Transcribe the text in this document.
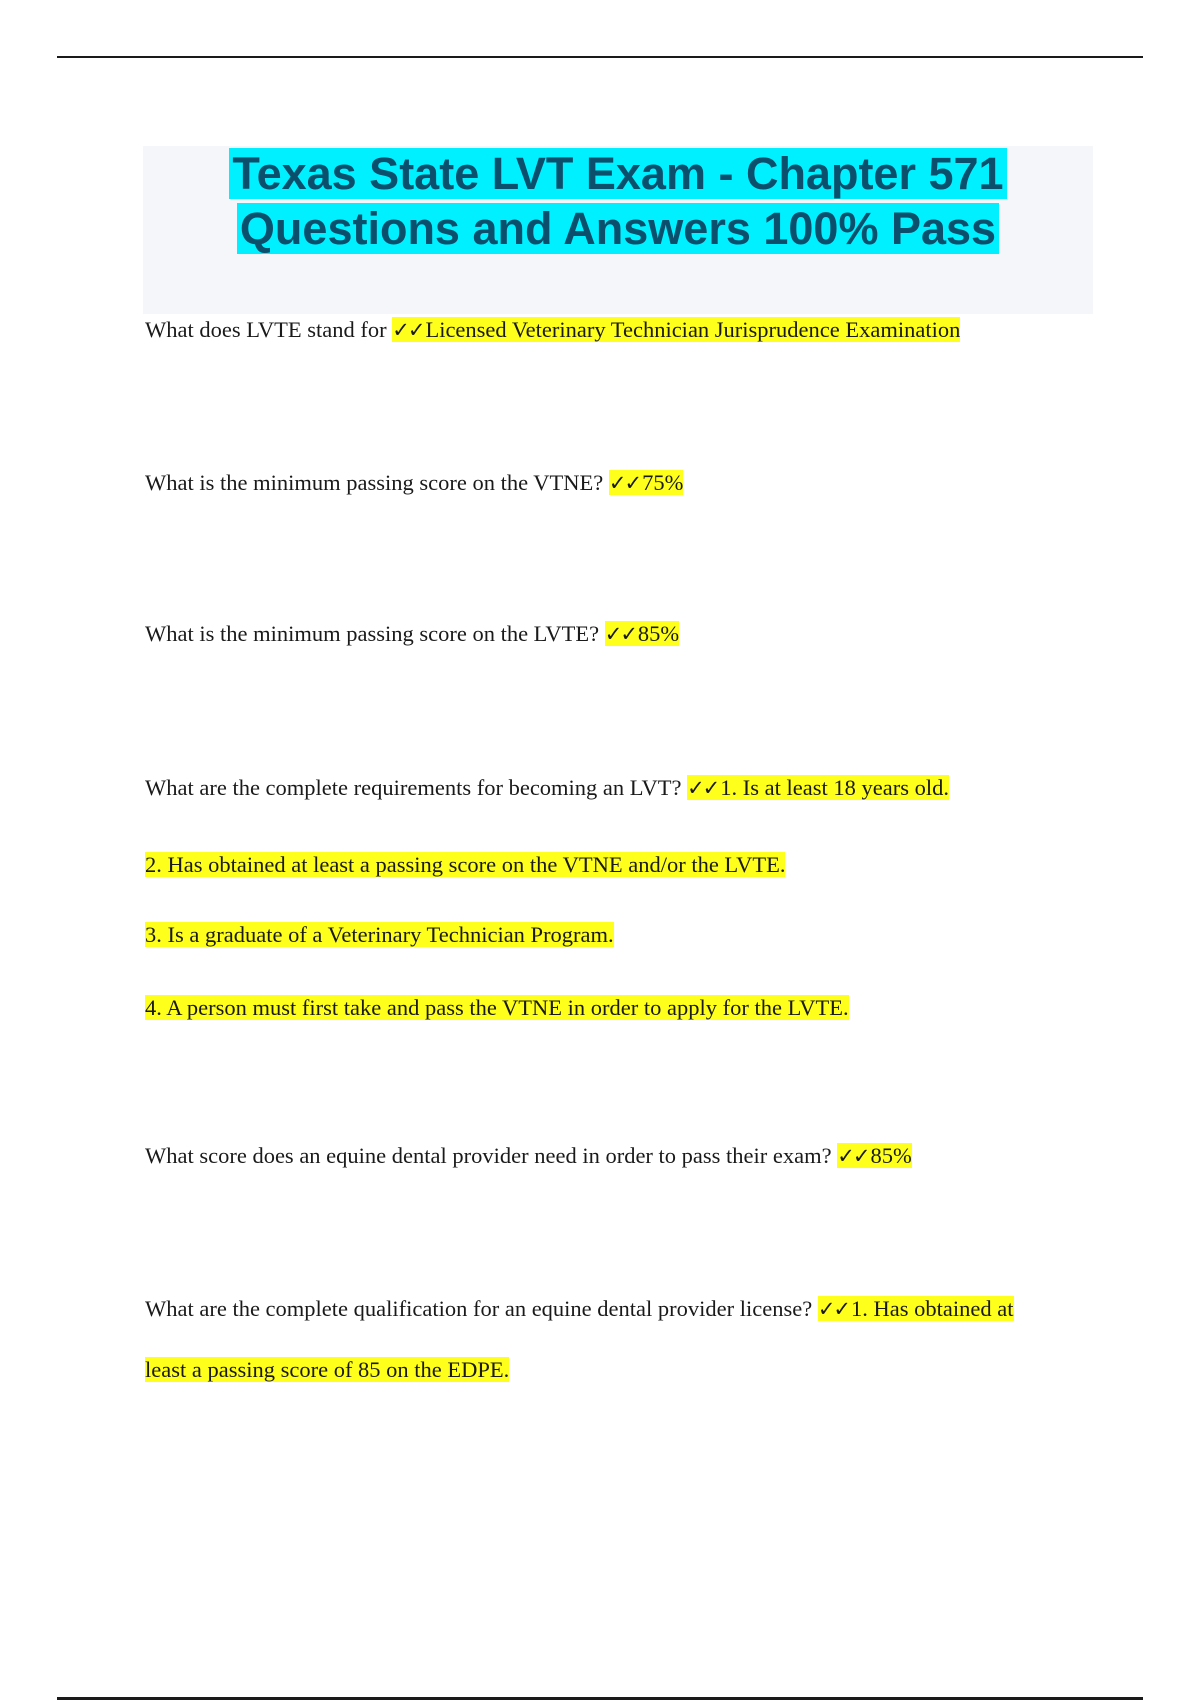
Texas State LVT Exam - Chapter 571
Questions and Answers 100% Pass
What does LVTE stand for ✓✓Licensed Veterinary Technician Jurisprudence Examination
What is the minimum passing score on the VTNE? ✓✓75%
What is the minimum passing score on the LVTE? ✓✓85%
What are the complete requirements for becoming an LVT? ✓✓1. Is at least 18 years old.
2. Has obtained at least a passing score on the VTNE and/or the LVTE.
3. Is a graduate of a Veterinary Technician Program.
4. A person must first take and pass the VTNE in order to apply for the LVTE.
What score does an equine dental provider need in order to pass their exam? ✓✓85%
What are the complete qualification for an equine dental provider license? ✓✓1. Has obtained at
least a passing score of 85 on the EDPE.
